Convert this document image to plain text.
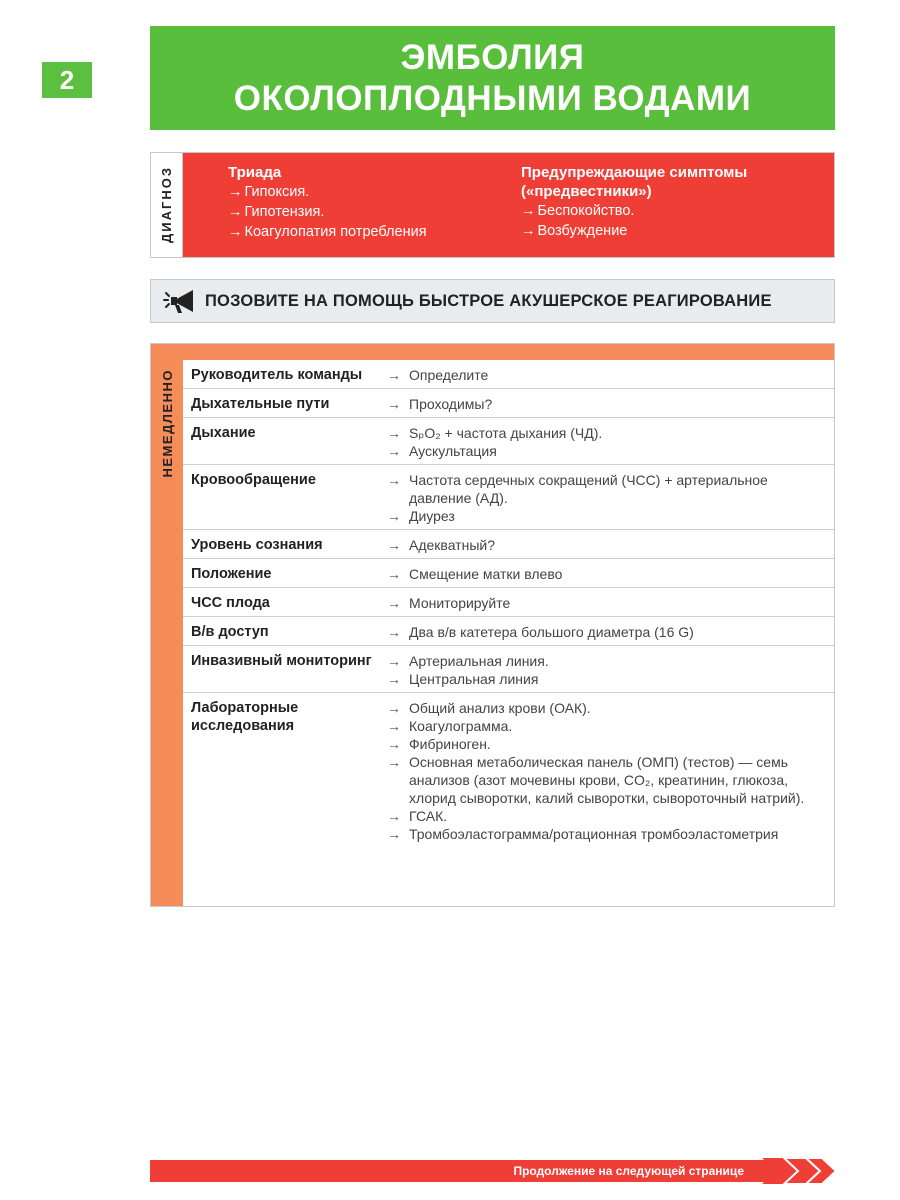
2
ЭМБОЛИЯ
ОКОЛОПЛОДНЫМИ ВОДАМИ
ДИАГНОЗ	Триада
→ Гипоксия.
→ Гипотензия.
→ Коагулопатия потребления
Предупреждающие симптомы
(«предвестники»)
→ Беспокойство.
→ Возбуждение
ПОЗОВИТЕ НА ПОМОЩЬ БЫСТРОЕ АКУШЕРСКОЕ РЕАГИРОВАНИЕ
НЕМЕДЛЕННО	Руководитель команды	→ Определите
Дыхательные пути	→ Проходимы?
Дыхание	→ SₚO₂ + частота дыхания (ЧД).
→ Аускультация
Кровообращение	→ Частота сердечных сокращений (ЧСС) + артериальное давление (АД).
→ Диурез
Уровень сознания	→ Адекватный?
Положение	→ Смещение матки влево
ЧСС плода	→ Мониторируйте
В/в доступ	→ Два в/в катетера большого диаметра (16 G)
Инвазивный мониторинг	→ Артериальная линия.
→ Центральная линия
Лабораторные исследования
→ Общий анализ крови (ОАК).
→ Коагулограмма.
→ Фибриноген.
→ Основная метаболическая панель (ОМП) (тестов) — семь анализов (азот мочевины крови, CO₂, креатинин, глюкоза, хлорид сыворотки, калий сыворотки, сывороточный натрий).
→ ГСАК.
→ Тромбоэластограмма/ротационная тромбоэластометрия
Продолжение на следующей странице
